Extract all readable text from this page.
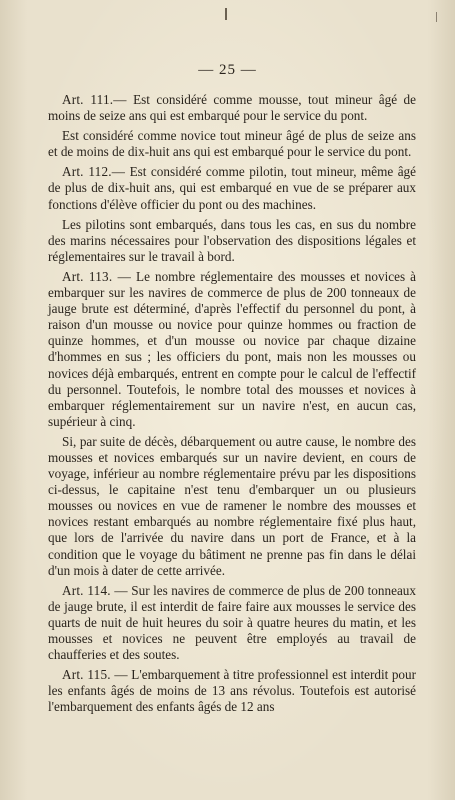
— 25 —

Art. 111.— Est considéré comme mousse, tout mineur âgé de moins de seize ans qui est embarqué pour le service du pont.

Est considéré comme novice tout mineur âgé de plus de seize ans et de moins de dix-huit ans qui est embarqué pour le service du pont.

Art. 112.— Est considéré comme pilotin, tout mineur, même âgé de plus de dix-huit ans, qui est embarqué en vue de se préparer aux fonctions d'élève officier du pont ou des machines.

Les pilotins sont embarqués, dans tous les cas, en sus du nombre des marins nécessaires pour l'observation des dispositions légales et réglementaires sur le travail à bord.

Art. 113. — Le nombre réglementaire des mousses et novices à embarquer sur les navires de commerce de plus de 200 tonneaux de jauge brute est déterminé, d'après l'effectif du personnel du pont, à raison d'un mousse ou novice pour quinze hommes ou fraction de quinze hommes, et d'un mousse ou novice par chaque dizaine d'hommes en sus ; les officiers du pont, mais non les mousses ou novices déjà embarqués, entrent en compte pour le calcul de l'effectif du personnel. Toutefois, le nombre total des mousses et novices à embarquer réglementairement sur un navire n'est, en aucun cas, supérieur à cinq.

Si, par suite de décès, débarquement ou autre cause, le nombre des mousses et novices embarqués sur un navire devient, en cours de voyage, inférieur au nombre réglementaire prévu par les dispositions ci-dessus, le capitaine n'est tenu d'embarquer un ou plusieurs mousses ou novices en vue de ramener le nombre des mousses et novices restant embarqués au nombre réglementaire fixé plus haut, que lors de l'arrivée du navire dans un port de France, et à la condition que le voyage du bâtiment ne prenne pas fin dans le délai d'un mois à dater de cette arrivée.

Art. 114. — Sur les navires de commerce de plus de 200 tonneaux de jauge brute, il est interdit de faire faire aux mousses le service des quarts de nuit de huit heures du soir à quatre heures du matin, et les mousses et novices ne peuvent être employés au travail de chaufferies et des soutes.

Art. 115. — L'embarquement à titre professionnel est interdit pour les enfants âgés de moins de 13 ans révolus. Toutefois est autorisé l'embarquement des enfants âgés de 12 ans
